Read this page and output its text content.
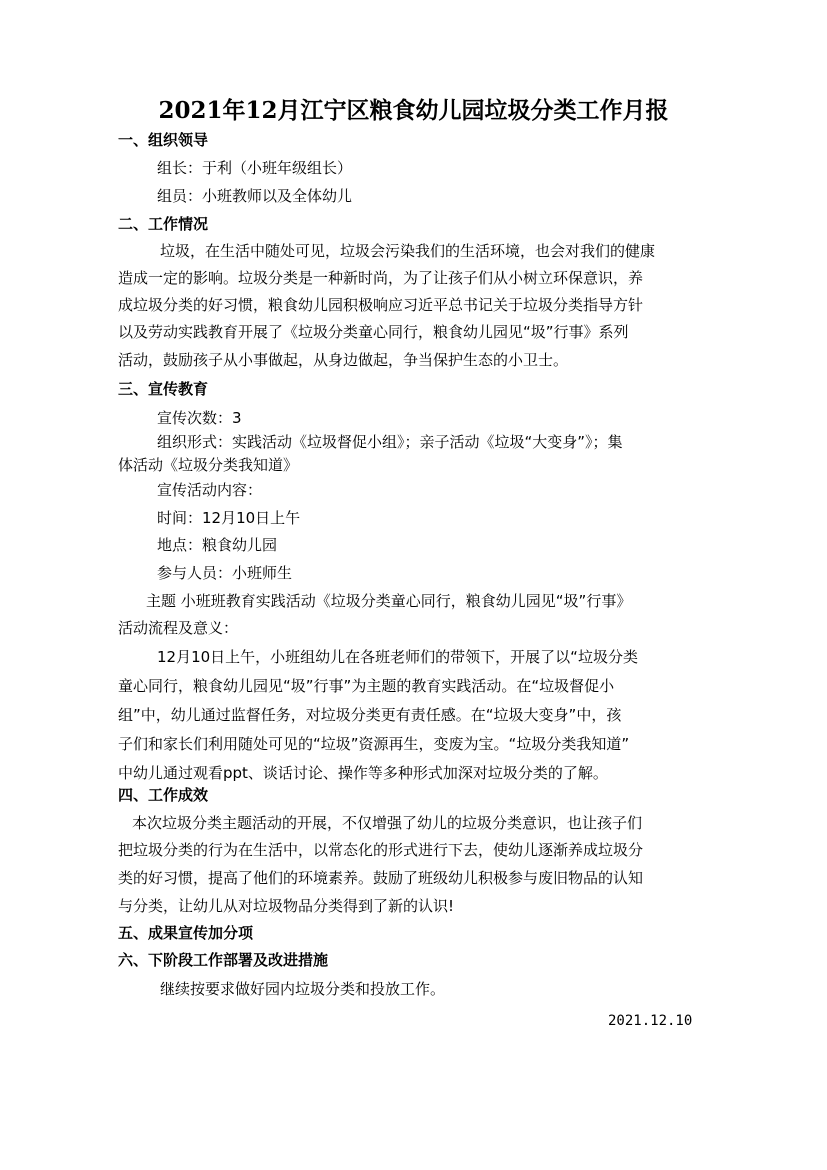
2021年12月江宁区粮食幼儿园垃圾分类工作月报
一、组织领导
组长：于利（小班年级组长）
组员：小班教师以及全体幼儿
二、工作情况
垃圾，在生活中随处可见，垃圾会污染我们的生活环境，也会对我们的健康
造成一定的影响。垃圾分类是一种新时尚，为了让孩子们从小树立环保意识，养
成垃圾分类的好习惯，粮食幼儿园积极响应习近平总书记关于垃圾分类指导方针
以及劳动实践教育开展了《垃圾分类童心同行，粮食幼儿园见“圾”行事》系列
活动，鼓励孩子从小事做起，从身边做起，争当保护生态的小卫士。
三、宣传教育
宣传次数：3
组织形式：实践活动《垃圾督促小组》；亲子活动《垃圾“大变身”》；集
体活动《垃圾分类我知道》
宣传活动内容：
时间：12月10日上午
地点：粮食幼儿园
参与人员：小班师生
主题 小班班教育实践活动《垃圾分类童心同行，粮食幼儿园见“圾”行事》
活动流程及意义：
12月10日上午，小班组幼儿在各班老师们的带领下，开展了以“垃圾分类
童心同行，粮食幼儿园见“圾”行事”为主题的教育实践活动。在“垃圾督促小
组”中，幼儿通过监督任务，对垃圾分类更有责任感。在“垃圾大变身”中，孩
子们和家长们利用随处可见的“垃圾”资源再生，变废为宝。“垃圾分类我知道”
中幼儿通过观看ppt、谈话讨论、操作等多种形式加深对垃圾分类的了解。
四、工作成效
本次垃圾分类主题活动的开展，不仅增强了幼儿的垃圾分类意识，也让孩子们
把垃圾分类的行为在生活中，以常态化的形式进行下去，使幼儿逐渐养成垃圾分
类的好习惯，提高了他们的环境素养。鼓励了班级幼儿积极参与废旧物品的认知
与分类，让幼儿从对垃圾物品分类得到了新的认识!
五、成果宣传加分项
六、下阶段工作部署及改进措施
继续按要求做好园内垃圾分类和投放工作。
2021.12.10
